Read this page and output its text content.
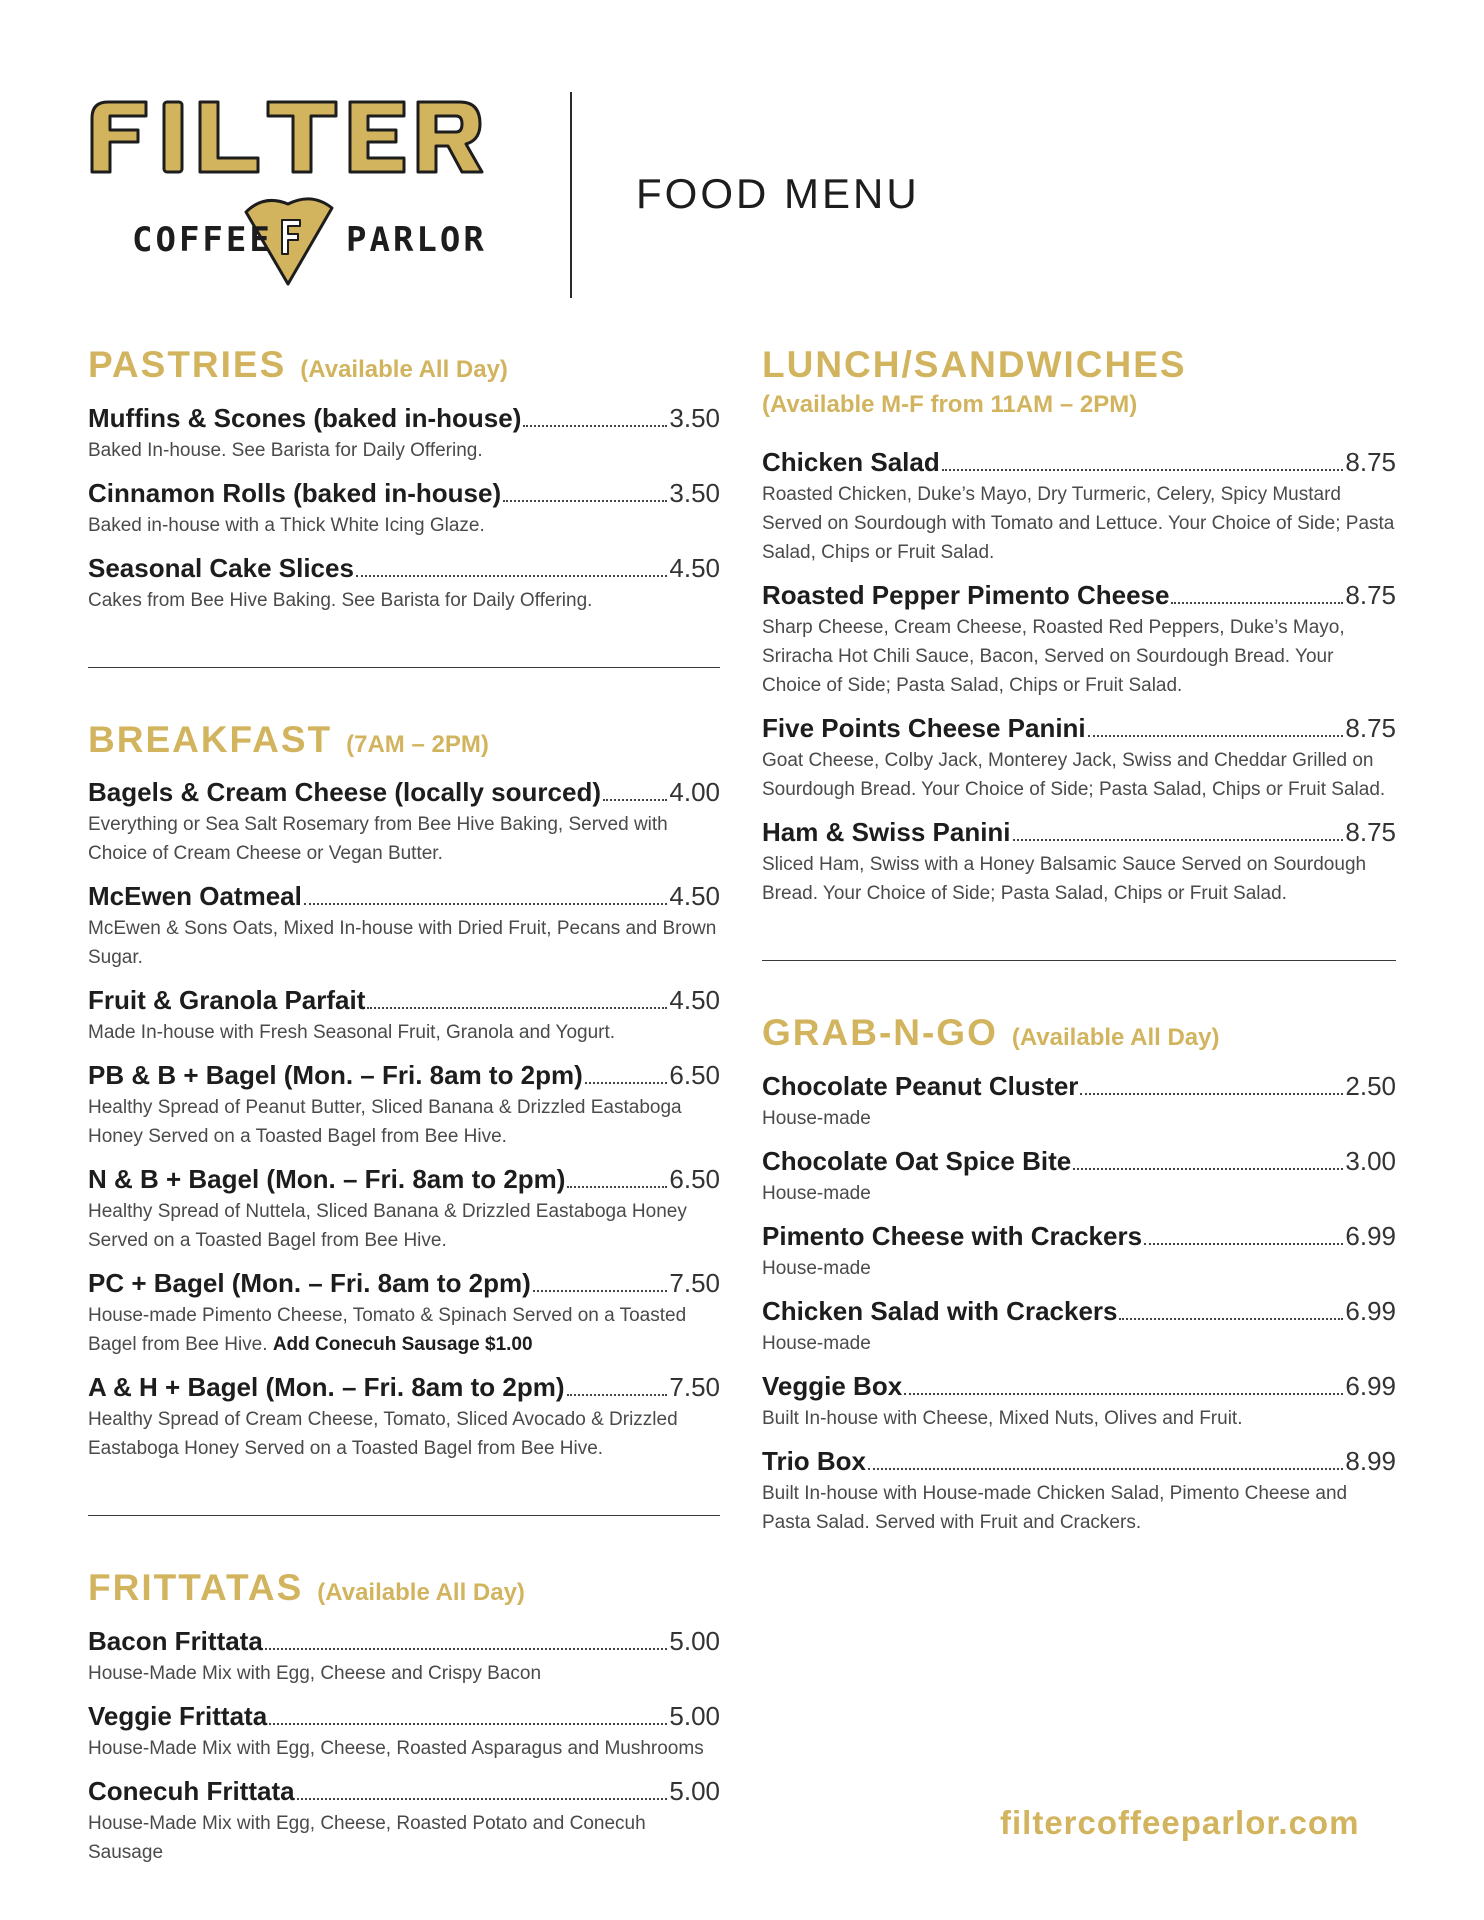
COFFEE PARLOR
FOOD MENU
PASTRIES (Available All Day)
Muffins & Scones (baked in-house)	3.50
Baked In-house. See Barista for Daily Offering.
Cinnamon Rolls (baked in-house)	3.50
Baked in-house with a Thick White Icing Glaze.
Seasonal Cake Slices	4.50
Cakes from Bee Hive Baking. See Barista for Daily Offering.
BREAKFAST (7AM – 2PM)
Bagels & Cream Cheese (locally sourced)	4.00
Everything or Sea Salt Rosemary from Bee Hive Baking, Served with Choice of Cream Cheese or Vegan Butter.
McEwen Oatmeal	4.50
McEwen & Sons Oats, Mixed In-house with Dried Fruit, Pecans and Brown Sugar.
Fruit & Granola Parfait	4.50
Made In-house with Fresh Seasonal Fruit, Granola and Yogurt.
PB & B + Bagel (Mon. – Fri. 8am to 2pm)	6.50
Healthy Spread of Peanut Butter, Sliced Banana & Drizzled Eastaboga Honey Served on a Toasted Bagel from Bee Hive.
N & B + Bagel (Mon. – Fri. 8am to 2pm)	6.50
Healthy Spread of Nuttela, Sliced Banana & Drizzled Eastaboga Honey Served on a Toasted Bagel from Bee Hive.
PC + Bagel (Mon. – Fri. 8am to 2pm)	7.50
House-made Pimento Cheese, Tomato & Spinach Served on a Toasted Bagel from Bee Hive. Add Conecuh Sausage $1.00
A & H + Bagel (Mon. – Fri. 8am to 2pm)	7.50
Healthy Spread of Cream Cheese, Tomato, Sliced Avocado & Drizzled Eastaboga Honey Served on a Toasted Bagel from Bee Hive.
FRITTATAS (Available All Day)
Bacon Frittata	5.00
House-Made Mix with Egg, Cheese and Crispy Bacon
Veggie Frittata	5.00
House-Made Mix with Egg, Cheese, Roasted Asparagus and Mushrooms
Conecuh Frittata	5.00
House-Made Mix with Egg, Cheese, Roasted Potato and Conecuh Sausage
LUNCH/SANDWICHES
(Available M-F from 11AM – 2PM)
Chicken Salad	8.75
Roasted Chicken, Duke’s Mayo, Dry Turmeric, Celery, Spicy Mustard Served on Sourdough with Tomato and Lettuce. Your Choice of Side; Pasta Salad, Chips or Fruit Salad.
Roasted Pepper Pimento Cheese	8.75
Sharp Cheese, Cream Cheese, Roasted Red Peppers, Duke’s Mayo, Sriracha Hot Chili Sauce, Bacon, Served on Sourdough Bread. Your Choice of Side; Pasta Salad, Chips or Fruit Salad.
Five Points Cheese Panini	8.75
Goat Cheese, Colby Jack, Monterey Jack, Swiss and Cheddar Grilled on Sourdough Bread. Your Choice of Side; Pasta Salad, Chips or Fruit Salad.
Ham & Swiss Panini	8.75
Sliced Ham, Swiss with a Honey Balsamic Sauce Served on Sourdough Bread. Your Choice of Side; Pasta Salad, Chips or Fruit Salad.
GRAB-N-GO (Available All Day)
Chocolate Peanut Cluster	2.50
House-made
Chocolate Oat Spice Bite	3.00
House-made
Pimento Cheese with Crackers	6.99
House-made
Chicken Salad with Crackers	6.99
House-made
Veggie Box	6.99
Built In-house with Cheese, Mixed Nuts, Olives and Fruit.
Trio Box	8.99
Built In-house with House-made Chicken Salad, Pimento Cheese and Pasta Salad. Served with Fruit and Crackers.
filtercoffeeparlor.com
